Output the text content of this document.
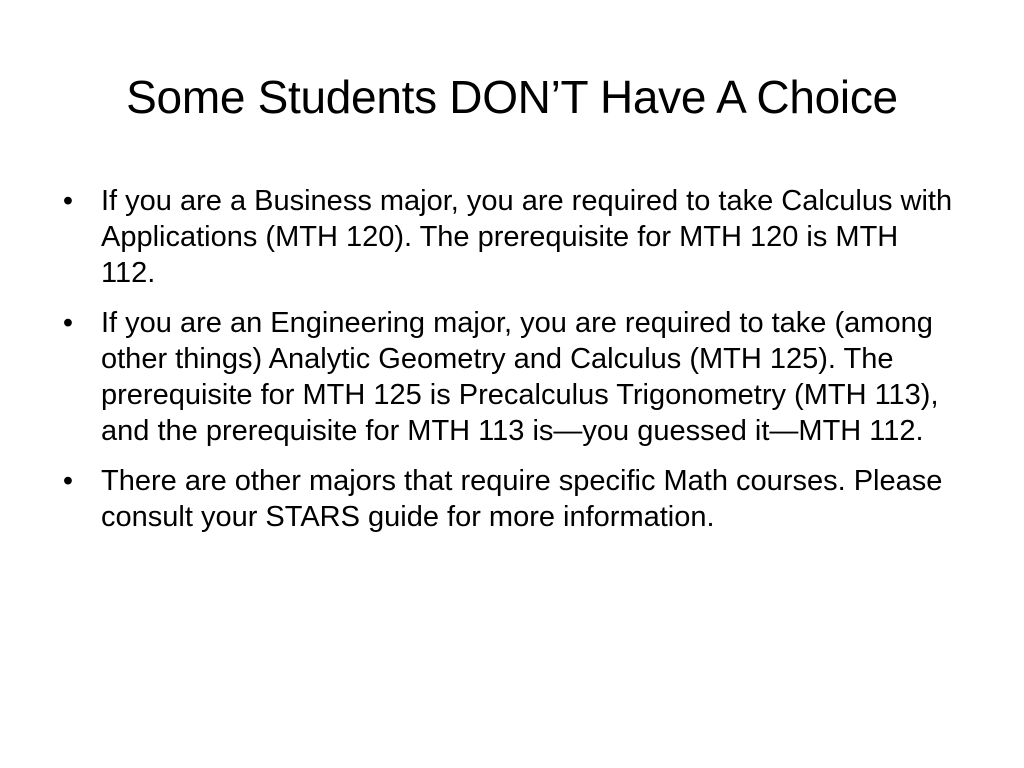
Some Students DON’T Have A Choice
• If you are a Business major, you are required to take Calculus with Applications (MTH 120). The prerequisite for MTH 120 is MTH 112.
• If you are an Engineering major, you are required to take (among other things) Analytic Geometry and Calculus (MTH 125). The prerequisite for MTH 125 is Precalculus Trigonometry (MTH 113), and the prerequisite for MTH 113 is—you guessed it—MTH 112.
• There are other majors that require specific Math courses. Please consult your STARS guide for more information.
